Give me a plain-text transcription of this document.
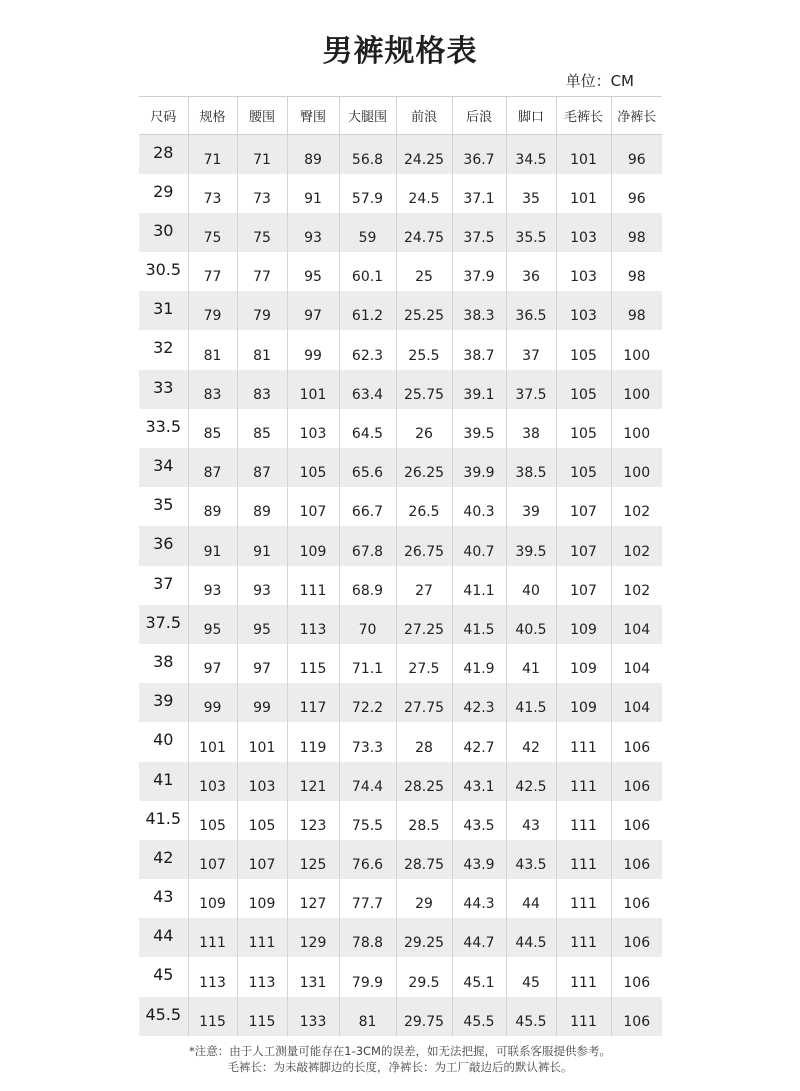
男裤规格表
单位：CM
尺码	规格	腰围	臀围	大腿围	前浪	后浪	脚口	毛裤长	净裤长
28	71	71	89	56.8	24.25	36.7	34.5	101	96
29	73	73	91	57.9	24.5	37.1	35	101	96
30	75	75	93	59	24.75	37.5	35.5	103	98
30.5	77	77	95	60.1	25	37.9	36	103	98
31	79	79	97	61.2	25.25	38.3	36.5	103	98
32	81	81	99	62.3	25.5	38.7	37	105	100
33	83	83	101	63.4	25.75	39.1	37.5	105	100
33.5	85	85	103	64.5	26	39.5	38	105	100
34	87	87	105	65.6	26.25	39.9	38.5	105	100
35	89	89	107	66.7	26.5	40.3	39	107	102
36	91	91	109	67.8	26.75	40.7	39.5	107	102
37	93	93	111	68.9	27	41.1	40	107	102
37.5	95	95	113	70	27.25	41.5	40.5	109	104
38	97	97	115	71.1	27.5	41.9	41	109	104
39	99	99	117	72.2	27.75	42.3	41.5	109	104
40	101	101	119	73.3	28	42.7	42	111	106
41	103	103	121	74.4	28.25	43.1	42.5	111	106
41.5	105	105	123	75.5	28.5	43.5	43	111	106
42	107	107	125	76.6	28.75	43.9	43.5	111	106
43	109	109	127	77.7	29	44.3	44	111	106
44	111	111	129	78.8	29.25	44.7	44.5	111	106
45	113	113	131	79.9	29.5	45.1	45	111	106
45.5	115	115	133	81	29.75	45.5	45.5	111	106
*注意：由于人工测量可能存在1-3CM的误差，如无法把握，可联系客服提供参考。
毛裤长：为未敲裤脚边的长度，净裤长：为工厂敲边后的默认裤长。
